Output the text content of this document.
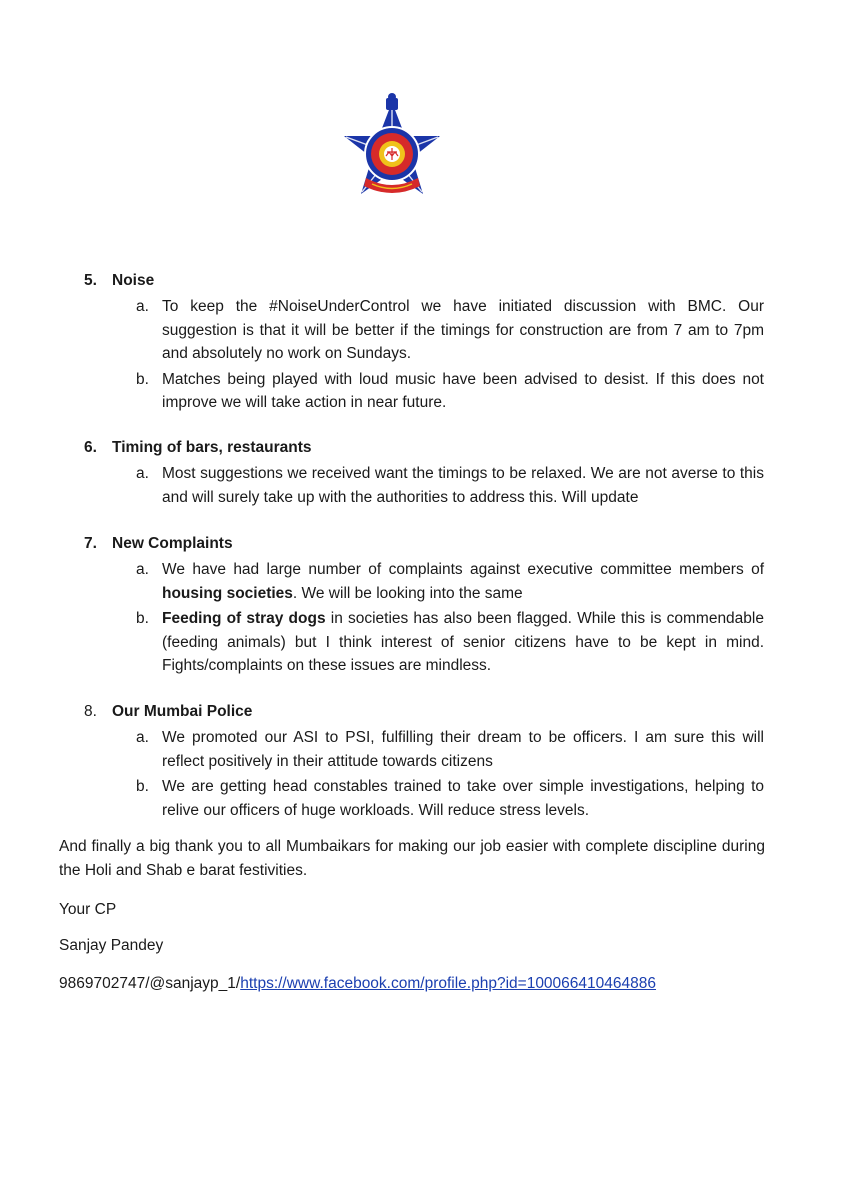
5. Noise
a. To keep the #NoiseUnderControl we have initiated discussion with BMC. Our suggestion is that it will be better if the timings for construction are from 7 am to 7pm and absolutely no work on Sundays.
b. Matches being played with loud music have been advised to desist. If this does not improve we will take action in near future.
6. Timing of bars, restaurants
a. Most suggestions we received want the timings to be relaxed. We are not averse to this and will surely take up with the authorities to address this. Will update
7. New Complaints
a. We have had large number of complaints against executive committee members of housing societies. We will be looking into the same
b. Feeding of stray dogs in societies has also been flagged. While this is commendable (feeding animals) but I think interest of senior citizens have to be kept in mind. Fights/complaints on these issues are mindless.
8. Our Mumbai Police
a. We promoted our ASI to PSI, fulfilling their dream to be officers. I am sure this will reflect positively in their attitude towards citizens
b. We are getting head constables trained to take over simple investigations, helping to relive our officers of huge workloads. Will reduce stress levels.
And finally a big thank you to all Mumbaikars for making our job easier with complete discipline during the Holi and Shab e barat festivities.
Your CP
Sanjay Pandey
9869702747/@sanjayp_1/https://www.facebook.com/profile.php?id=100066410464886
